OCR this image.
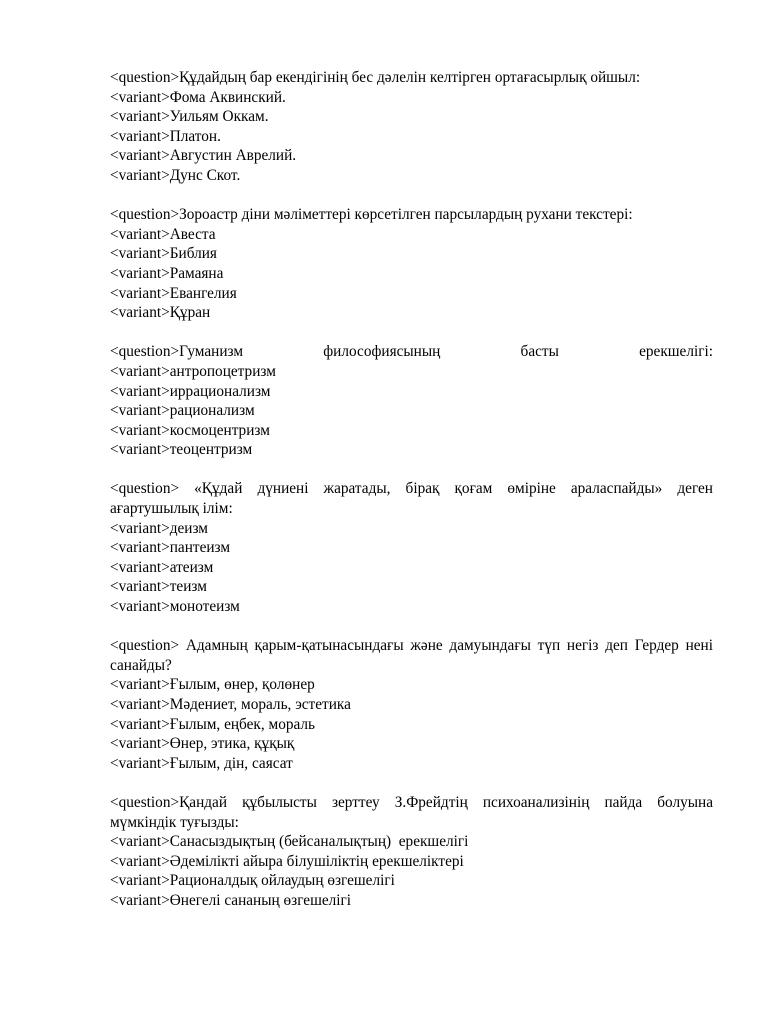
<question>Құдайдың бар екендігінің бес дәлелін келтірген ортағасырлық ойшыл:
<variant>Фома Аквинский.
<variant>Уильям Оккам.
<variant>Платон.
<variant>Августин Аврелий.
<variant>Дунс Скот.
<question>Зороастр діни мәліметтері көрсетілген парсылардың рухани текстері:
<variant>Авеста
<variant>Библия
<variant>Рамаяна
<variant>Евангелия
<variant>Құран
<question>Гуманизм философиясының басты ерекшелігі:
<variant>антропоцетризм
<variant>иррационализм
<variant>рационализм
<variant>космоцентризм
<variant>теоцентризм
<question> «Құдай дүниені жаратады, бірақ қоғам өміріне араласпайды» деген ағартушылық ілім:
<variant>деизм
<variant>пантеизм
<variant>атеизм
<variant>теизм
<variant>монотеизм
<question> Адамның қарым-қатынасындағы және дамуындағы түп негіз деп Гердер нені санайды?
<variant>Ғылым, өнер, қолөнер
<variant>Мәдениет, мораль, эстетика
<variant>Ғылым, еңбек, мораль
<variant>Өнер, этика, құқық
<variant>Ғылым, дін, саясат
<question>Қандай құбылысты зерттеу З.Фрейдтің психоанализінің пайда болуына мүмкіндік туғызды:
<variant>Санасыздықтың (бейсаналықтың)  ерекшелігі
<variant>Әдемілікті айыра білушіліктің ерекшеліктері
<variant>Рационалдық ойлаудың өзгешелігі
<variant>Өнегелі сананың өзгешелігі
